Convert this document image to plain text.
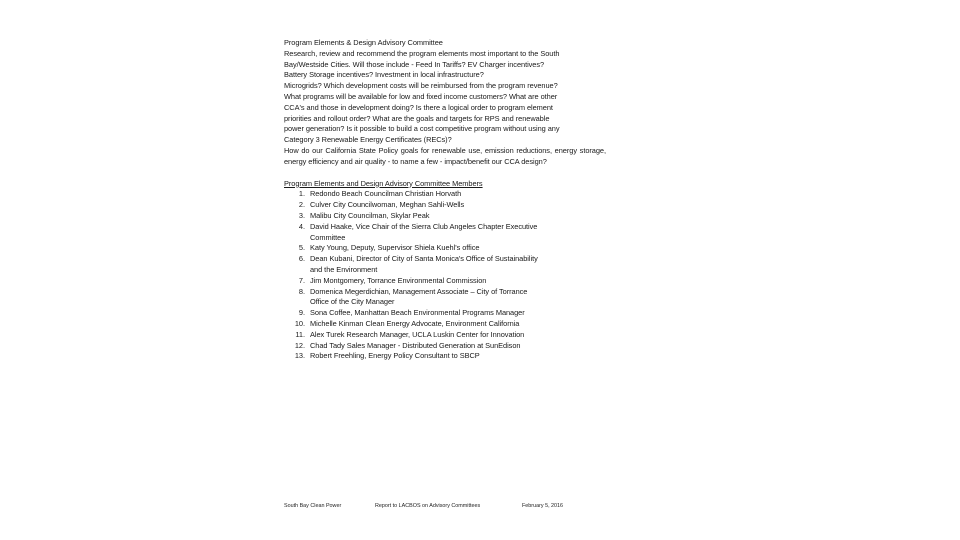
Program Elements & Design Advisory Committee

Research, review and recommend the program elements most important to the South

Bay/Westside Cities. Will those include - Feed In Tariffs? EV Charger incentives?

Battery Storage incentives? Investment in local infrastructure?

Microgrids? Which development costs will be reimbursed from the program revenue?

What programs will be available for low and fixed income customers? What are other

CCA's and those in development doing? Is there a logical order to program element

priorities and rollout order? What are the goals and targets for RPS and renewable

power generation? Is it possible to build a cost competitive program without using any

Category 3 Renewable Energy Certificates (RECs)?

How do our California State Policy goals for renewable use, emission reductions, energy storage, energy efficiency and air quality - to name a few - impact/benefit our CCA design?

Program Elements and Design Advisory Committee Members

1. Redondo Beach Councilman Christian Horvath
2. Culver City Councilwoman, Meghan Sahli-Wells
3. Malibu City Councilman, Skylar Peak
4. David Haake, Vice Chair of the Sierra Club Angeles Chapter Executive Committee
5. Katy Young, Deputy, Supervisor Shiela Kuehl's office
6. Dean Kubani, Director of City of Santa Monica's Office of Sustainability and the Environment
7. Jim Montgomery, Torrance Environmental Commission
8. Domenica Megerdichian, Management Associate – City of Torrance Office of the City Manager
9. Sona Coffee, Manhattan Beach Environmental Programs Manager
10. Michelle Kinman Clean Energy Advocate, Environment California
11. Alex Turek Research Manager, UCLA Luskin Center for Innovation
12. Chad Tady Sales Manager - Distributed Generation at SunEdison
13. Robert Freehling, Energy Policy Consultant to SBCP
South Bay Clean Power	Report to LACBOS on Advisory Committees	February 5, 2016
